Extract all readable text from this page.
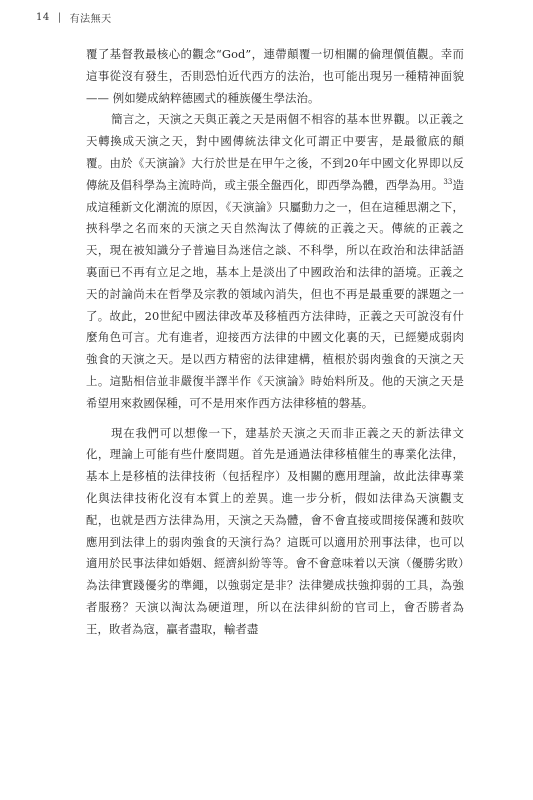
14 | 有法無天

覆了基督教最核心的觀念“God”，連帶顛覆一切相關的倫理價值觀。幸而這事從沒有發生，否則恐怕近代西方的法治，也可能出現另一種精神面貌 —— 例如變成納粹德國式的種族優生學法治。

簡言之，天演之天與正義之天是兩個不相容的基本世界觀。以正義之天轉換成天演之天，對中國傳統法律文化可謂正中要害，是最徹底的顛覆。由於《天演論》大行於世是在甲午之後，不到20年中國文化界即以反傳統及倡科學為主流時尚，或主張全盤西化，即西學為體，西學為用。$^{33}$造成這種新文化潮流的原因，《天演論》只屬動力之一，但在這種思潮之下，挾科學之名而來的天演之天自然淘汰了傳統的正義之天。傳統的正義之天，現在被知識分子普遍目為迷信之談、不科學，所以在政治和法律話語裏面已不再有立足之地，基本上是淡出了中國政治和法律的語境。正義之天的討論尚未在哲學及宗教的領域內消失，但也不再是最重要的課題之一了。故此，20世紀中國法律改革及移植西方法律時，正義之天可說沒有什麼角色可言。尤有進者，迎接西方法律的中國文化裏的天，已經變成弱肉強食的天演之天。是以西方精密的法律建構，植根於弱肉強食的天演之天上。這點相信並非嚴復半譯半作《天演論》時始料所及。他的天演之天是希望用來救國保種，可不是用來作西方法律移植的磐基。

現在我們可以想像一下，建基於天演之天而非正義之天的新法律文化，理論上可能有些什麼問題。首先是通過法律移植催生的專業化法律，基本上是移植的法律技術（包括程序）及相關的應用理論，故此法律專業化與法律技術化沒有本質上的差異。進一步分析，假如法律為天演觀支配，也就是西方法律為用，天演之天為體，會不會直接或間接保護和鼓吹應用到法律上的弱肉強食的天演行為？這既可以適用於刑事法律，也可以適用於民事法律如婚姻、經濟糾紛等等。會不會意味着以天演（優勝劣敗）為法律實踐優劣的準繩，以強弱定是非？法律變成扶強抑弱的工具，為強者服務？天演以淘汰為硬道理，所以在法律糾紛的官司上，會否勝者為王，敗者為寇，贏者盡取，輸者盡
